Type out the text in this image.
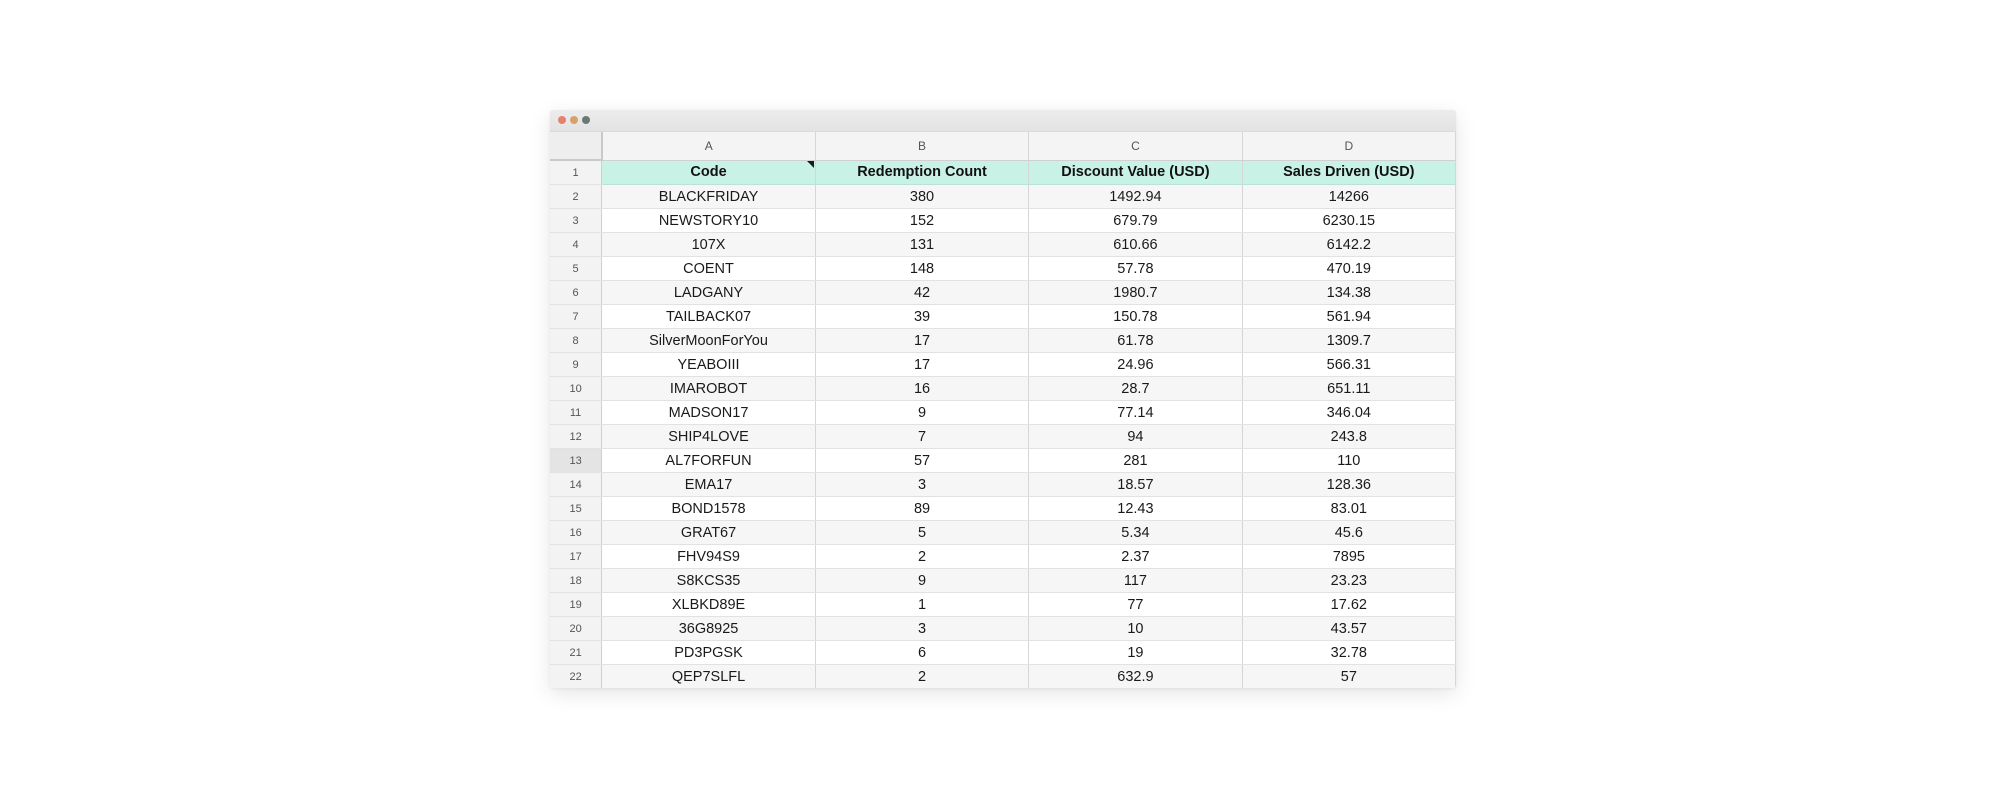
	A	B	C	D
1	Code	Redemption Count	Discount Value (USD)	Sales Driven (USD)
2	BLACKFRIDAY	380	1492.94	14266
3	NEWSTORY10	152	679.79	6230.15
4	107X	131	610.66	6142.2
5	COENT	148	57.78	470.19
6	LADGANY	42	1980.7	134.38
7	TAILBACK07	39	150.78	561.94
8	SilverMoonForYou	17	61.78	1309.7
9	YEABOIII	17	24.96	566.31
10	IMAROBOT	16	28.7	651.11
11	MADSON17	9	77.14	346.04
12	SHIP4LOVE	7	94	243.8
13	AL7FORFUN	57	281	110
14	EMA17	3	18.57	128.36
15	BOND1578	89	12.43	83.01
16	GRAT67	5	5.34	45.6
17	FHV94S9	2	2.37	7895
18	S8KCS35	9	117	23.23
19	XLBKD89E	1	77	17.62
20	36G8925	3	10	43.57
21	PD3PGSK	6	19	32.78
22	QEP7SLFL	2	632.9	57
